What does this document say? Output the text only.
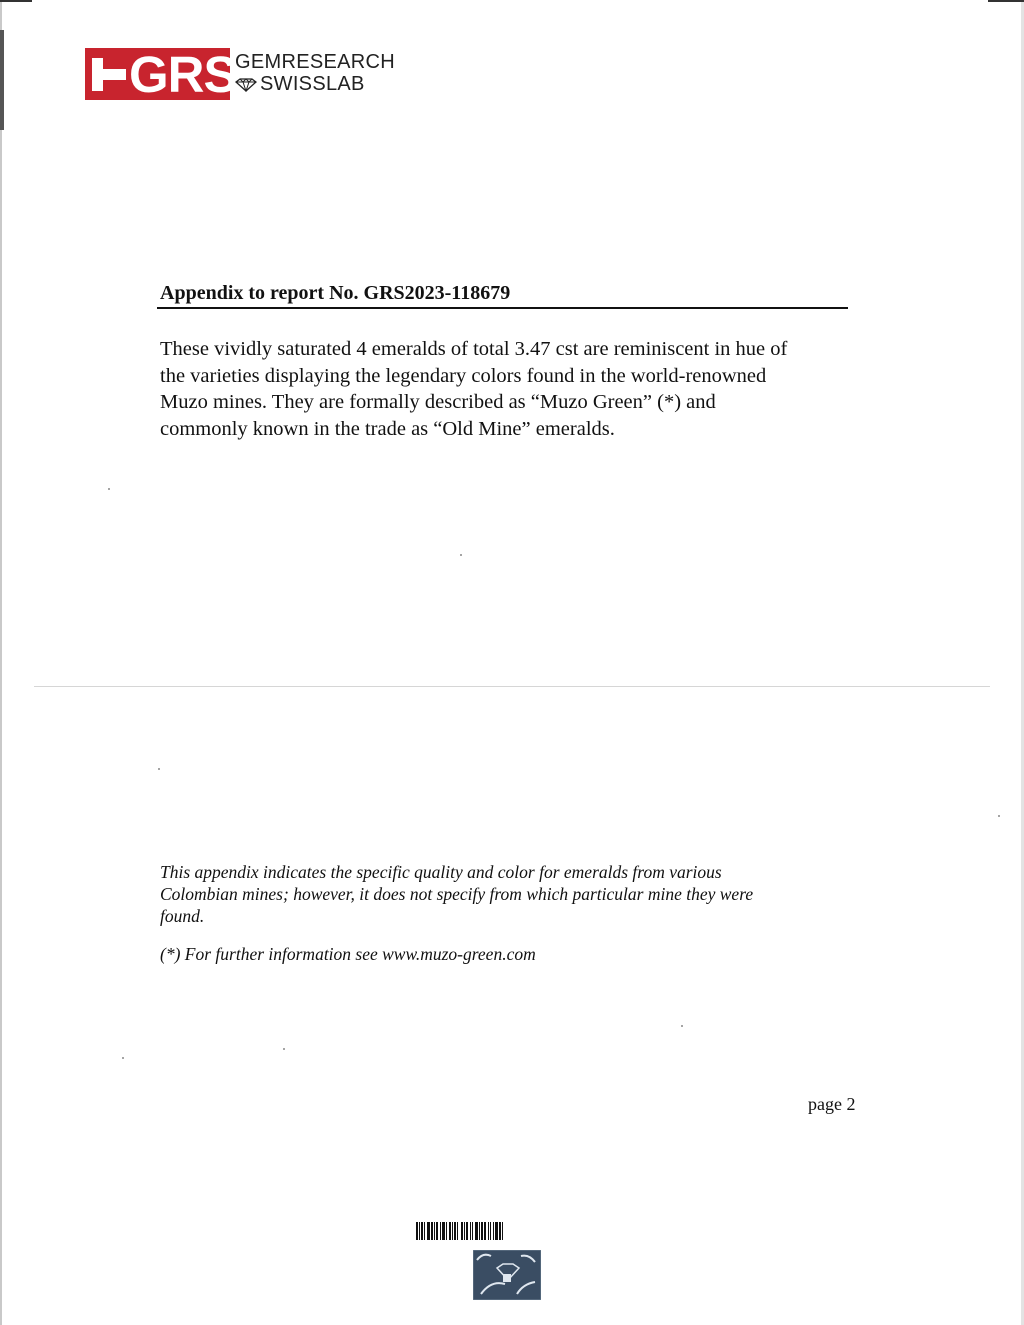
GRS
GEMRESEARCH
SWISSLAB
Appendix to report No. GRS2023-118679
These vividly saturated 4 emeralds of total 3.47 cst are reminiscent in hue of
the varieties displaying the legendary colors found in the world-renowned
Muzo mines. They are formally described as “Muzo Green” (*) and
commonly known in the trade as “Old Mine” emeralds.
This appendix indicates the specific quality and color for emeralds from various
Colombian mines; however, it does not specify from which particular mine they were
found.
(*) For further information see www.muzo-green.com
page 2
